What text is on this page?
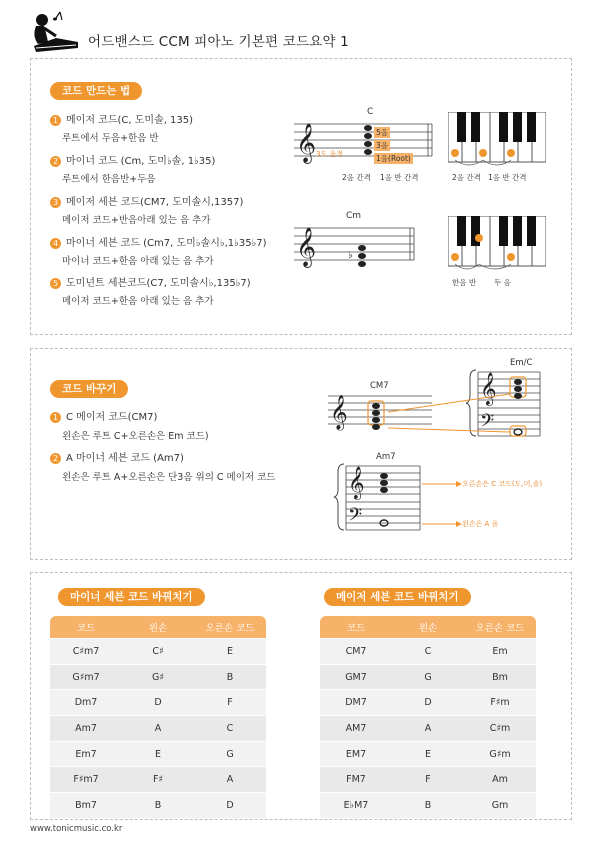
어드밴스드 CCM 피아노 기본편 코드요약 1
코드 만드는 법
1 메이저 코드(C, 도미솔, 135)
루트에서 두음+한음 반
2 마이너 코드 (Cm, 도미♭솔, 1♭35)
루트에서 한음반+두음
3 메이저 세븐 코드(CM7, 도미솔시,1357)
메이저 코드+반음아래 있는 음 추가
4 마이너 세븐 코드 (Cm7, 도미♭솔시♭,1♭35♭7)
마이너 코드+한음 아래 있는 음 추가
5 도미넌트 세븐코드(C7, 도미솔시♭,135♭7)
메이저 코드+한음 아래 있는 음 추가
C
𝄞	5음
3음
1음(Root)
3도 음정
2음 간격 1음 반 간격	2음 간격 1음 반 간격
Cm
𝄞	♭
한음 반 두 음
코드 바꾸기
1 C 메이저 코드(CM7)
왼손은 루트 C+오른손은 Em 코드)
2 A 마이너 세븐 코드 (Am7)
왼손은 루트 A+오른손은 단3음 위의 C 메이저 코드
CM7
𝄞
Em/C
𝄞
𝄢
Am7
𝄞
𝄢
오른손은 C 코드(도,미,솔)
왼손은 A 음
마이너 세븐 코드 바꿔치기	메이저 세븐 코드 바꿔치기
코드	왼손	오른손 코드
C♯m7	C♯	E
G♯m7	G♯	B
Dm7	D	F
Am7	A	C
Em7	E	G
F♯m7	F♯	A
Bm7	B	D
코드	왼손	오른손 코드
CM7	C	Em
GM7	G	Bm
DM7	D	F♯m
AM7	A	C♯m
EM7	E	G♯m
FM7	F	Am
E♭M7	B	Gm
www.tonicmusic.co.kr
